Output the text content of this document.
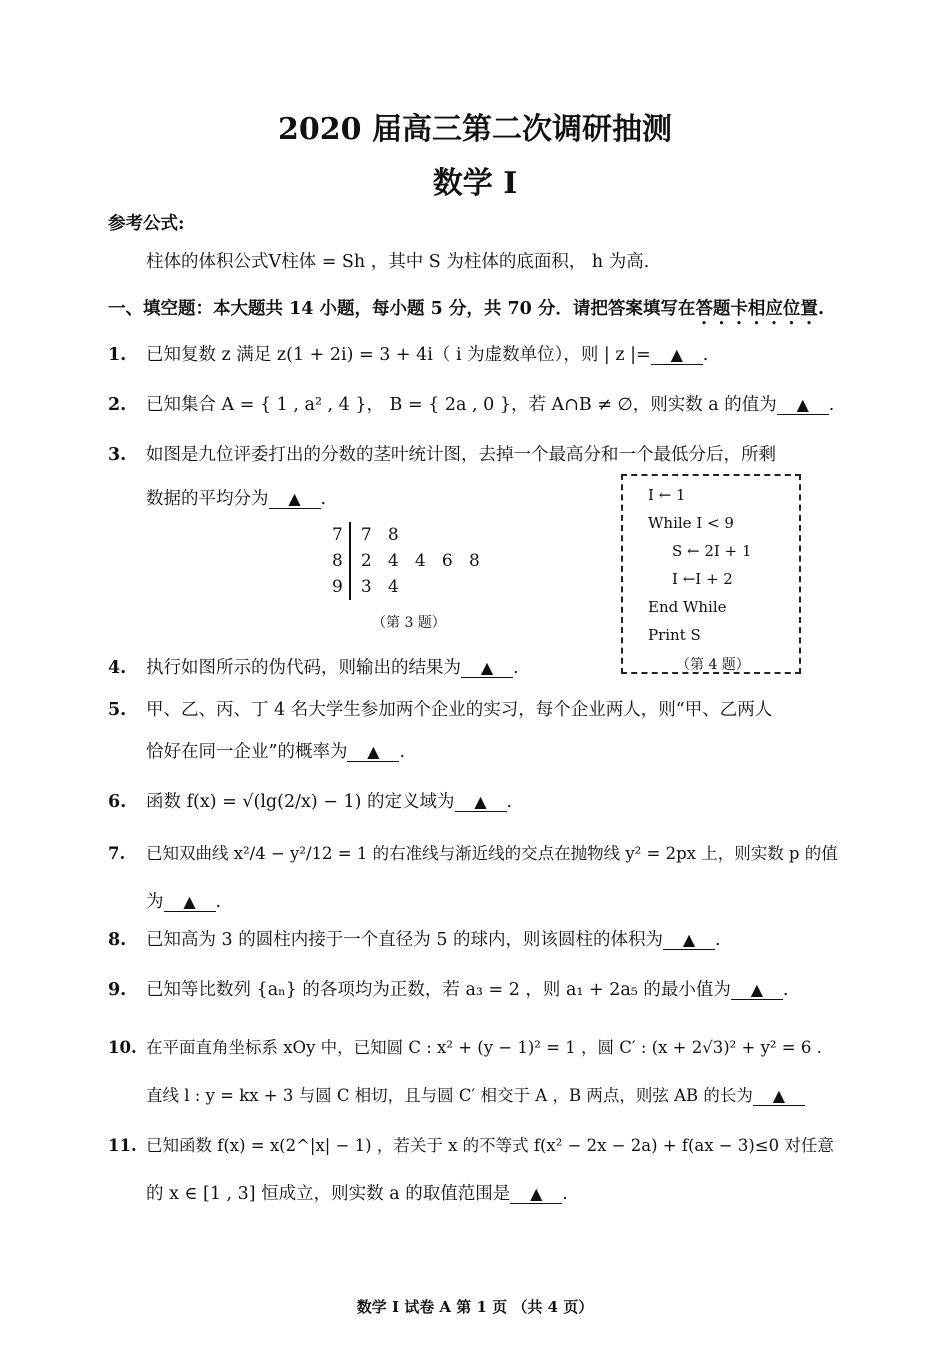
2020 届高三第二次调研抽测
数学 Ⅰ
参考公式:
柱体的体积公式V柱体 = Sh ，其中 S 为柱体的底面积， h 为高.
一、填空题：本大题共 14 小题，每小题 5 分，共 70 分．请把答案填写在答题卡相应位置.
1. 已知复数 z 满足 z(1 + 2i) = 3 + 4i（ i 为虚数单位），则 | z |= ▲ .
2. 已知集合 A = { 1 , a² , 4 }， B = { 2a , 0 }，若 A∩B ≠ ∅，则实数 a 的值为 ▲ .
3. 如图是九位评委打出的分数的茎叶统计图，去掉一个最高分和一个最低分后，所剩
数据的平均分为 ▲ .
7	7   8
8	2   4   4   6   8
9	3   4
（第 3 题）
I ← 1
While I < 9
S ← 2I + 1
I ←I + 2
End While
Print S
（第 4 题）
4. 执行如图所示的伪代码，则输出的结果为 ▲ .
5. 甲、乙、丙、丁 4 名大学生参加两个企业的实习，每个企业两人，则“甲、乙两人
恰好在同一企业”的概率为 ▲ .
6. 函数 f(x) = √(lg(2/x) − 1) 的定义域为 ▲ .
7. 已知双曲线 x²/4 − y²/12 = 1 的右准线与渐近线的交点在抛物线 y² = 2px 上，则实数 p 的值
为 ▲ .
8. 已知高为 3 的圆柱内接于一个直径为 5 的球内，则该圆柱的体积为 ▲ .
9. 已知等比数列 {aₙ} 的各项均为正数，若 a₃ = 2 ，则 a₁ + 2a₅ 的最小值为 ▲ .
10. 在平面直角坐标系 xOy 中，已知圆 C : x² + (y − 1)² = 1 ，圆 C′ : (x + 2√3)² + y² = 6 .
直线 l : y = kx + 3 与圆 C 相切，且与圆 C′ 相交于 A ，B 两点，则弦 AB 的长为 ▲
11. 已知函数 f(x) = x(2^|x| − 1) ，若关于 x 的不等式 f(x² − 2x − 2a) + f(ax − 3)≤0 对任意
的 x ∈ [1 , 3] 恒成立，则实数 a 的取值范围是 ▲ .
数学 Ⅰ 试卷 A 第 1 页 （共 4 页）
